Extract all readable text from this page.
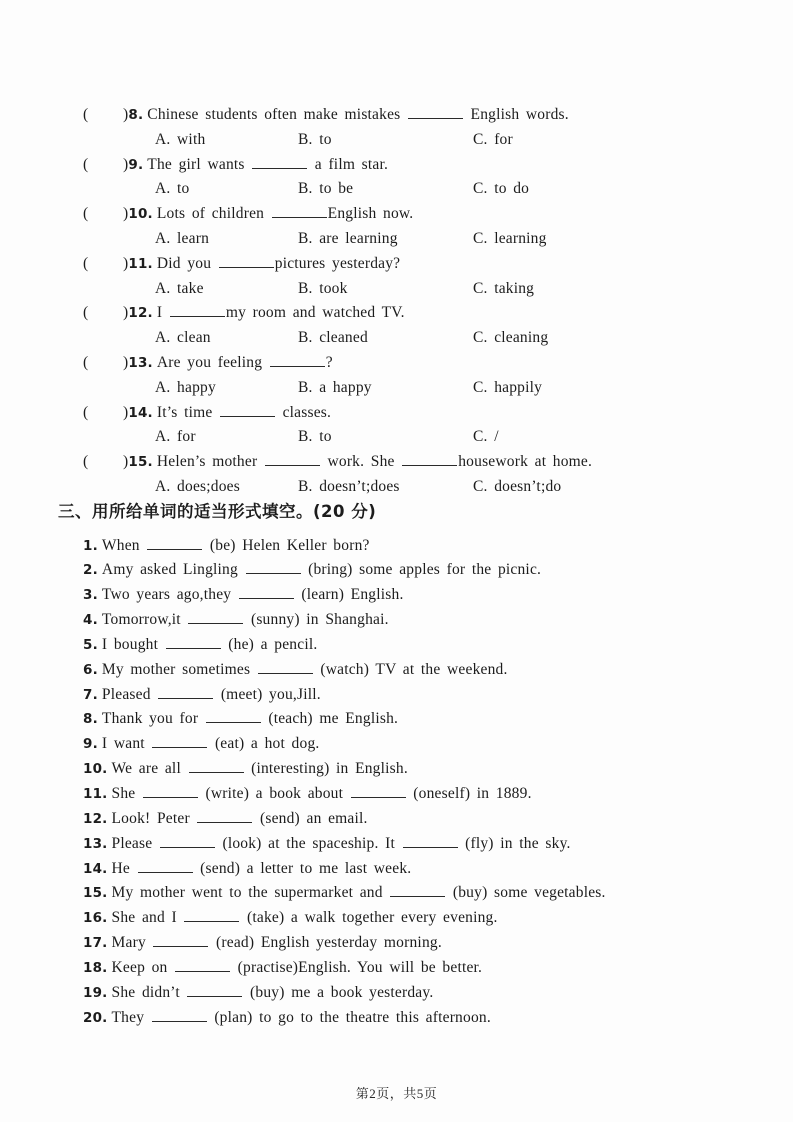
( )8. Chinese students often make mistakes	English words.
A. with	B. to	C. for
( )9. The girl wants	a film star.
A. to	B. to be	C. to do
( )10. Lots of children	English now.
A. learn	B. are learning	C. learning
( )11. Did you	pictures yesterday?
A. take	B. took	C. taking
( )12. I	my room and watched TV.
A. clean	B. cleaned	C. cleaning
( )13. Are you feeling	?
A. happy	B. a happy	C. happily
( )14. It’s time	classes.
A. for	B. to	C. /
( )15. Helen’s mother	work. She	housework at home.
A. does;does	B. doesn’t;does	C. doesn’t;do
三、用所给单词的适当形式填空。(20 分)
1. When	(be) Helen Keller born?
2. Amy asked Lingling	(bring) some apples for the picnic.
3. Two years ago,they	(learn) English.
4. Tomorrow,it	(sunny) in Shanghai.
5. I bought	(he) a pencil.
6. My mother sometimes	(watch) TV at the weekend.
7. Pleased	(meet) you,Jill.
8. Thank you for	(teach) me English.
9. I want	(eat) a hot dog.
10. We are all	(interesting) in English.
11. She	(write) a book about	(oneself) in 1889.
12. Look! Peter	(send) an email.
13. Please	(look) at the spaceship. It	(fly) in the sky.
14. He	(send) a letter to me last week.
15. My mother went to the supermarket and	(buy) some vegetables.
16. She and I	(take) a walk together every evening.
17. Mary	(read) English yesterday morning.
18. Keep on	(practise)English. You will be better.
19. She didn’t	(buy) me a book yesterday.
20. They	(plan) to go to the theatre this afternoon.
第2页，共5页
